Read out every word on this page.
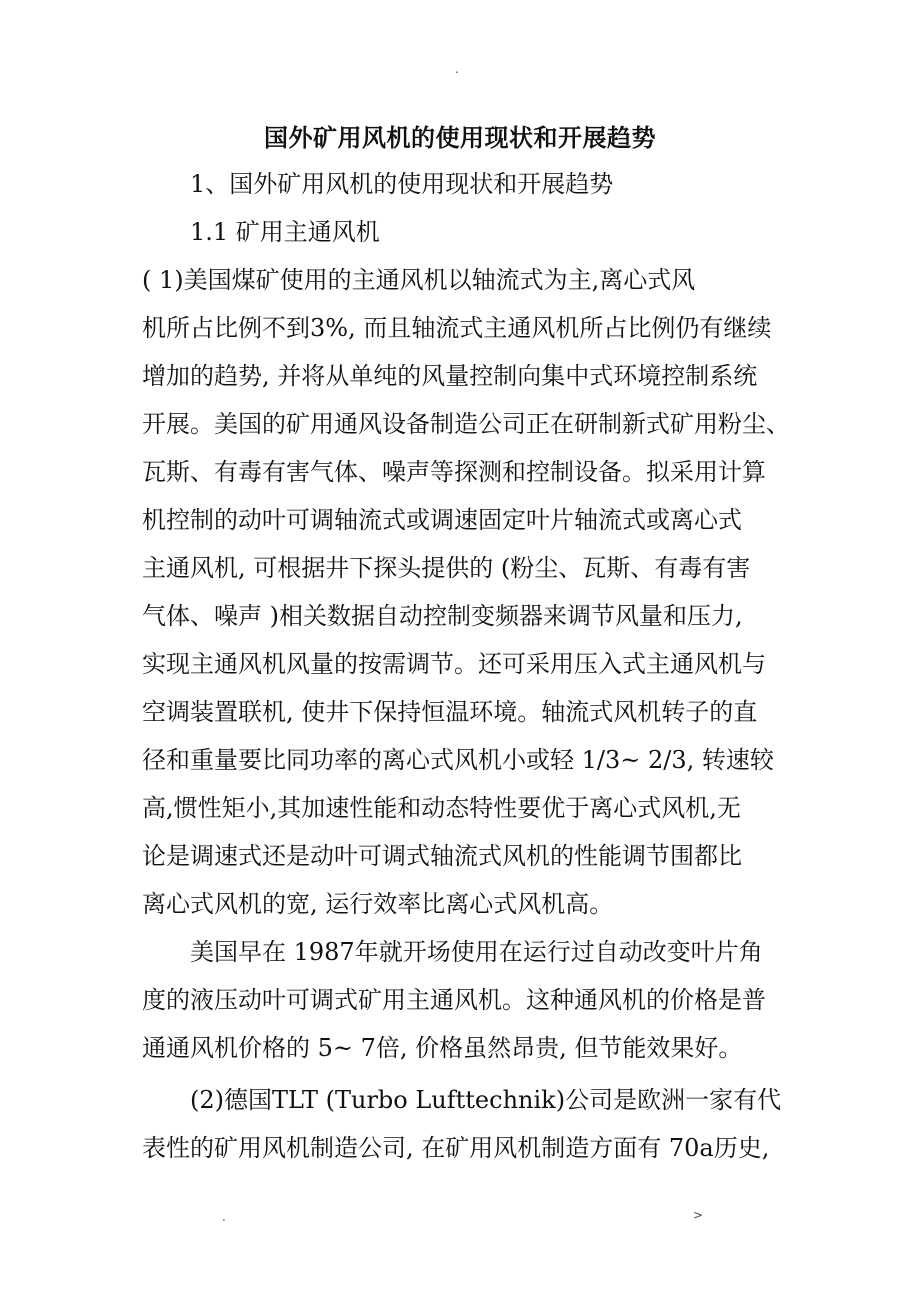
.
国外矿用风机的使用现状和开展趋势
1、国外矿用风机的使用现状和开展趋势
1.1 矿用主通风机
( 1)美国煤矿使用的主通风机以轴流式为主,离心式风
机所占比例不到3%, 而且轴流式主通风机所占比例仍有继续
增加的趋势, 并将从单纯的风量控制向集中式环境控制系统
开展。美国的矿用通风设备制造公司正在研制新式矿用粉尘、
瓦斯、有毒有害气体、噪声等探测和控制设备。拟采用计算
机控制的动叶可调轴流式或调速固定叶片轴流式或离心式
主通风机, 可根据井下探头提供的 (粉尘、瓦斯、有毒有害
气体、噪声 )相关数据自动控制变频器来调节风量和压力,
实现主通风机风量的按需调节。还可采用压入式主通风机与
空调装置联机, 使井下保持恒温环境。轴流式风机转子的直
径和重量要比同功率的离心式风机小或轻 1/3~ 2/3, 转速较
高,惯性矩小,其加速性能和动态特性要优于离心式风机,无
论是调速式还是动叶可调式轴流式风机的性能调节围都比
离心式风机的宽, 运行效率比离心式风机高。
美国早在 1987年就开场使用在运行过自动改变叶片角
度的液压动叶可调式矿用主通风机。这种通风机的价格是普
通通风机价格的 5~ 7倍, 价格虽然昂贵, 但节能效果好。
(2)德国TLT (Turbo Lufttechnik)公司是欧洲一家有代
表性的矿用风机制造公司, 在矿用风机制造方面有 70a历史,
.	>
